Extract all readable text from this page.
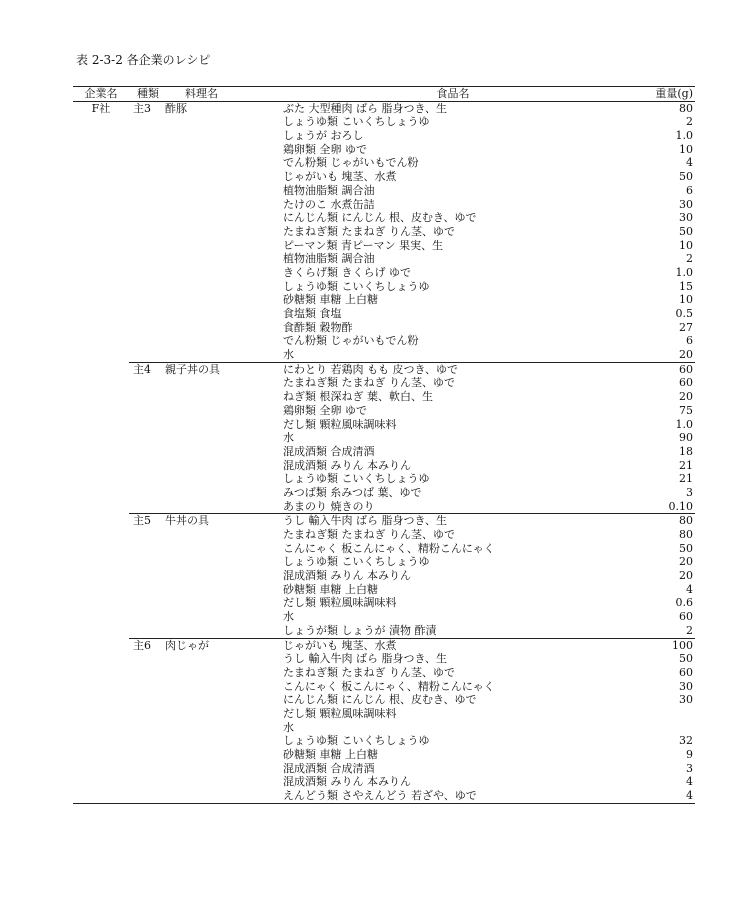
表 2-3-2 各企業のレシピ
企業名	種類	料理名	食品名	重量(g)
F社	主3	酢豚	ぶた 大型種肉 ばら 脂身つき、生	80
			しょうゆ類 こいくちしょうゆ	2
			しょうが おろし	1.0
			鶏卵類 全卵 ゆで	10
			でん粉類 じゃがいもでん粉	4
			じゃがいも 塊茎、水煮	50
			植物油脂類 調合油	6
			たけのこ 水煮缶詰	30
			にんじん類 にんじん 根、皮むき、ゆで	30
			たまねぎ類 たまねぎ りん茎、ゆで	50
			ピーマン類 青ピーマン 果実、生	10
			植物油脂類 調合油	2
			きくらげ類 きくらげ ゆで	1.0
			しょうゆ類 こいくちしょうゆ	15
			砂糖類 車糖 上白糖	10
			食塩類 食塩	0.5
			食酢類 穀物酢	27
			でん粉類 じゃがいもでん粉	6
			水	20
	主4	親子丼の具	にわとり 若鶏肉 もも 皮つき、ゆで	60
			たまねぎ類 たまねぎ りん茎、ゆで	60
			ねぎ類 根深ねぎ 葉、軟白、生	20
			鶏卵類 全卵 ゆで	75
			だし類 顆粒風味調味料	1.0
			水	90
			混成酒類 合成清酒	18
			混成酒類 みりん 本みりん	21
			しょうゆ類 こいくちしょうゆ	21
			みつば類 糸みつば 葉、ゆで	3
			あまのり 焼きのり	0.10
	主5	牛丼の具	うし 輸入牛肉 ばら 脂身つき、生	80
			たまねぎ類 たまねぎ りん茎、ゆで	80
			こんにゃく 板こんにゃく、精粉こんにゃく	50
			しょうゆ類 こいくちしょうゆ	20
			混成酒類 みりん 本みりん	20
			砂糖類 車糖 上白糖	4
			だし類 顆粒風味調味料	0.6
			水	60
			しょうが類 しょうが 漬物 酢漬	2
	主6	肉じゃが	じゃがいも 塊茎、水煮	100
			うし 輸入牛肉 ばら 脂身つき、生	50
			たまねぎ類 たまねぎ りん茎、ゆで	60
			こんにゃく 板こんにゃく、精粉こんにゃく	30
			にんじん類 にんじん 根、皮むき、ゆで	30
			だし類 顆粒風味調味料	
			水	
			しょうゆ類 こいくちしょうゆ	32
			砂糖類 車糖 上白糖	9
			混成酒類 合成清酒	3
			混成酒類 みりん 本みりん	4
			えんどう類 さやえんどう 若ざや、ゆで	4
